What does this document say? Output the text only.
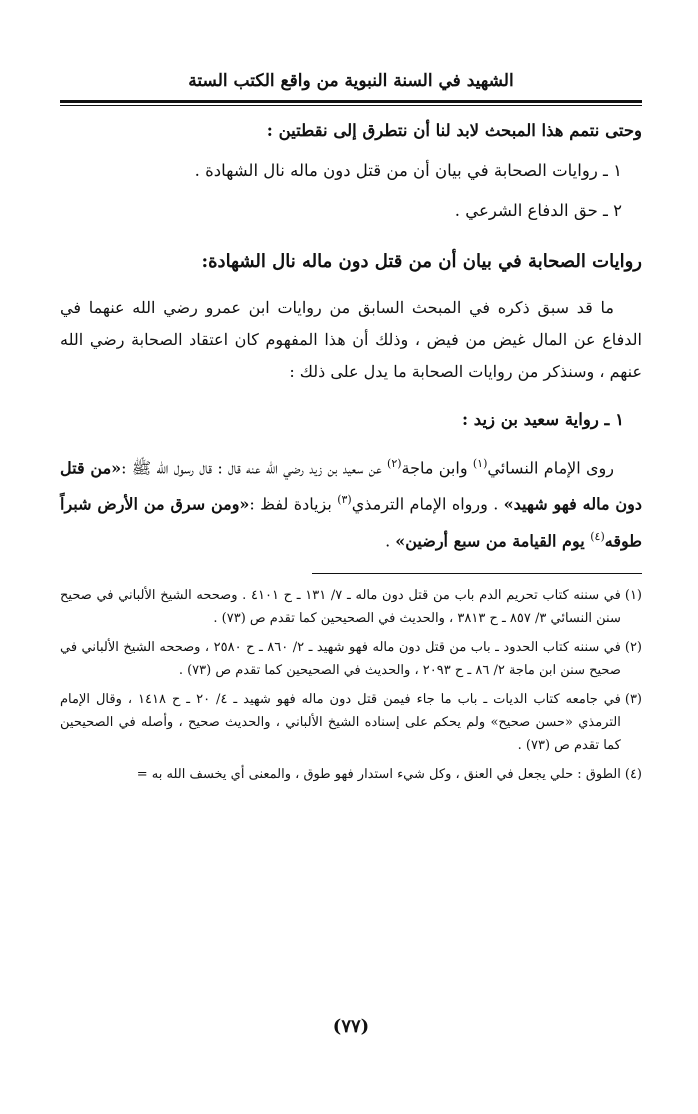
الشهيد في السنة النبوية من واقع الكتب الستة
وحتى نتمم هذا المبحث لابد لنا أن نتطرق إلى نقطتين :
١ ـ روايات الصحابة في بيان أن من قتل دون ماله نال الشهادة .
٢ ـ حق الدفاع الشرعي .
روايات الصحابة في بيان أن من قتل دون ماله نال الشهادة:

ما قد سبق ذكره في المبحث السابق من روايات ابن عمرو رضي الله عنهما في الدفاع عن المال غيض من فيض ، وذلك أن هذا المفهوم كان اعتقاد الصحابة رضي الله عنهم ، وسنذكر من روايات الصحابة ما يدل على ذلك :

١ ـ رواية سعيد بن زيد :

روى الإمام النسائي$^{(١)}$ وابن ماجة$^{(٢)}$ عن سعيد بن زيد رضي الله عنه قال : قال رسول الله ﷺ :«من قتل دون ماله فهو شهيد» . ورواه الإمام الترمذي$^{(٣)}$ بزيادة لفظ :«ومن سرق من الأرض شبراً طوقه$^{(٤)}$ يوم القيامة من سبع أرضين» .

(١)
في سننه كتاب تحريم الدم باب من قتل دون ماله ـ ٧/ ١٣١ ـ ح ٤١٠١ . وصححه الشيخ الألباني في صحيح سنن النسائي ٣/ ٨٥٧ ـ ح ٣٨١٣ ، والحديث في الصحيحين كما تقدم ص (٧٣) .
(٢)
في سننه كتاب الحدود ـ باب من قتل دون ماله فهو شهيد ـ ٢/ ٨٦٠ ـ ح ٢٥٨٠ ، وصححه الشيخ الألباني في صحيح سنن ابن ماجة ٢/ ٨٦ ـ ح ٢٠٩٣ ، والحديث في الصحيحين كما تقدم ص (٧٣) .
(٣)
في جامعه كتاب الديات ـ باب ما جاء فيمن قتل دون ماله فهو شهيد ـ ٤/ ٢٠ ـ ح ١٤١٨ ، وقال الإمام الترمذي «حسن صحيح» ولم يحكم على إسناده الشيخ الألباني ، والحديث صحيح ، وأصله في الصحيحين كما تقدم ص (٧٣) .
(٤)
الطوق : حلي يجعل في العنق ، وكل شيء استدار فهو طوق ، والمعنى أي يخسف الله به =
(٧٧)
